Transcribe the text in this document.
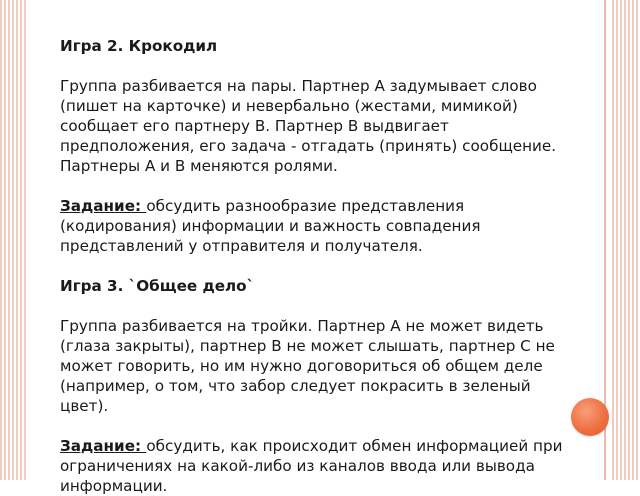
Игра 2. Крокодил

Группа разбивается на пары. Партнер А задумывает слово (пишет на карточке) и невербально (жестами, мимикой) сообщает его партнеру В. Партнер В выдвигает предположения, его задача - отгадать (принять) сообщение. Партнеры А и В меняются ролями.

Задание: обсудить разнообразие представления (кодирования) информации и важность совпадения представлений у отправителя и получателя.

Игра 3. `Общее дело`

Группа разбивается на тройки. Партнер А не может видеть (глаза закрыты), партнер В не может слышать, партнер С не может говорить, но им нужно договориться об общем деле (например, о том, что забор следует покрасить в зеленый цвет).

Задание: обсудить, как происходит обмен информацией при ограничениях на какой-либо из каналов ввода или вывода информации.
